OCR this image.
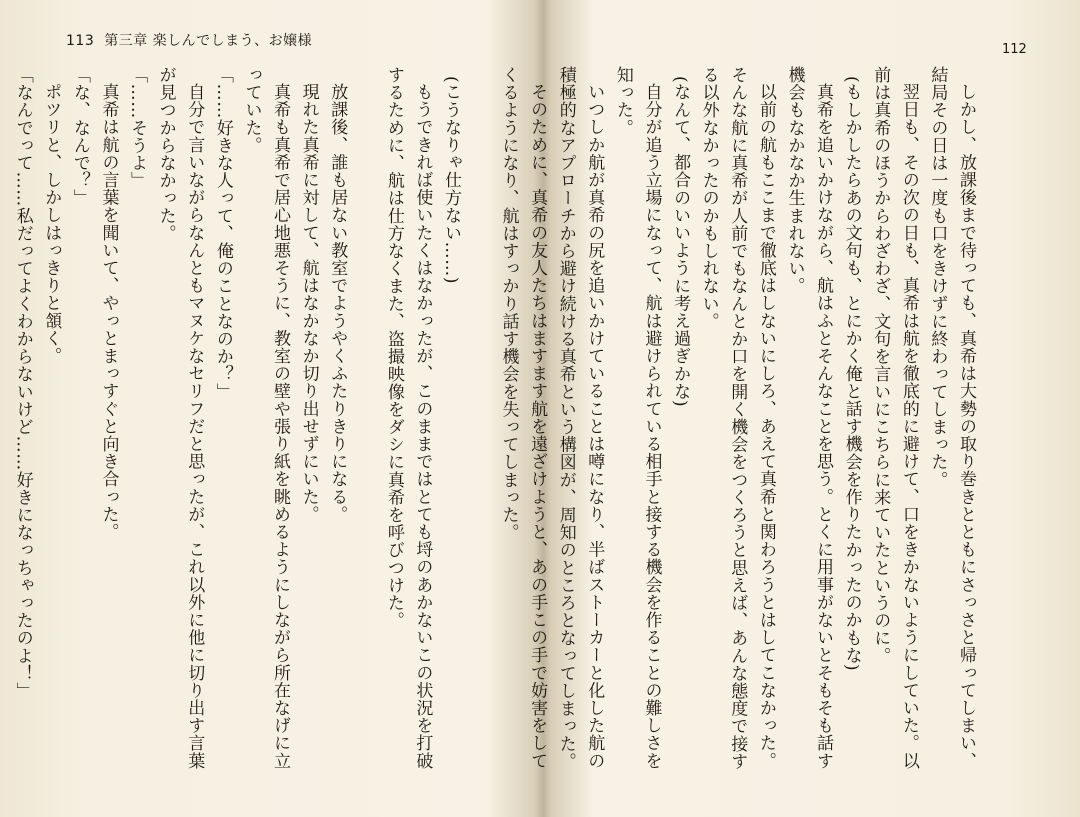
113 第三章 楽しんでしまう、お嬢様
(こうなりゃ仕方ない……)
もうできれば使いたくはなかったが、このままではとても埒のあかないこの状況を打破
するために、航は仕方なくまた、盗撮映像をダシに真希を呼びつけた。
放課後、誰も居ない教室でようやくふたりきりになる。
現れた真希に対して、航はなかなか切り出せずにいた。
真希も真希で居心地悪そうに、教室の壁や張り紙を眺めるようにしながら所在なげに立
っていた。
「……好きな人って、俺のことなのか？」
自分で言いながらなんともマヌケなセリフだと思ったが、これ以外に他に切り出す言葉
が見つからなかった。
「……そうよ」
真希は航の言葉を聞いて、やっとまっすぐと向き合った。
「な、なんで？」
ポツリと、しかしはっきりと頷く。
「なんでって……私だってよくわからないけど……好きになっちゃったのよ！」
112
しかし、放課後まで待っても、真希は大勢の取り巻きとともにさっさと帰ってしまい、
結局その日は一度も口をきけずに終わってしまった。
翌日も、その次の日も、真希は航を徹底的に避けて、口をきかないようにしていた。以
前は真希のほうからわざわざ、文句を言いにこちらに来ていたというのに。
(もしかしたらあの文句も、とにかく俺と話す機会を作りたかったのかもな)
真希を追いかけながら、航はふとそんなことを思う。とくに用事がないとそもそも話す
機会もなかなか生まれない。
以前の航もここまで徹底はしないにしろ、あえて真希と関わろうとはしてこなかった。
そんな航に真希が人前でもなんとか口を開く機会をつくろうと思えば、あんな態度で接す
る以外なかったのかもしれない。
(なんて、都合のいいように考え過ぎかな)
自分が追う立場になって、航は避けられている相手と接する機会を作ることの難しさを
知った。
いつしか航が真希の尻を追いかけていることは噂になり、半ばストーカーと化した航の
積極的なアプローチから避け続ける真希という構図が、周知のところとなってしまった。
そのために、真希の友人たちはますます航を遠ざけようと、あの手この手で妨害をして
くるようになり、航はすっかり話す機会を失ってしまった。
